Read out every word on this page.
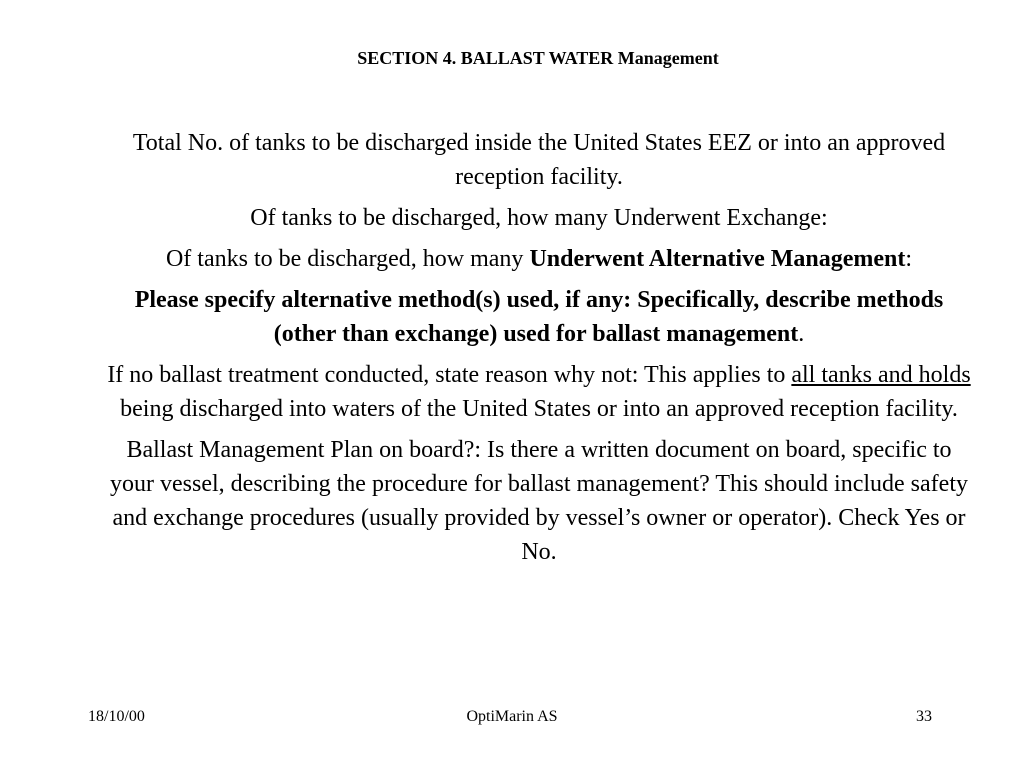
SECTION 4. BALLAST WATER Management

Total No. of tanks to be discharged inside the United States EEZ or into an approved reception facility.

Of tanks to be discharged, how many Underwent Exchange:

Of tanks to be discharged, how many Underwent Alternative Management:

Please specify alternative method(s) used, if any: Specifically, describe methods (other than exchange) used for ballast management.

If no ballast treatment conducted, state reason why not: This applies to all tanks and holds being discharged into waters of the United States or into an approved reception facility.

Ballast Management Plan on board?: Is there a written document on board, specific to your vessel, describing the procedure for ballast management? This should include safety and exchange procedures (usually provided by vessel’s owner or operator). Check Yes or No.

18/10/00	OptiMarin AS	33
